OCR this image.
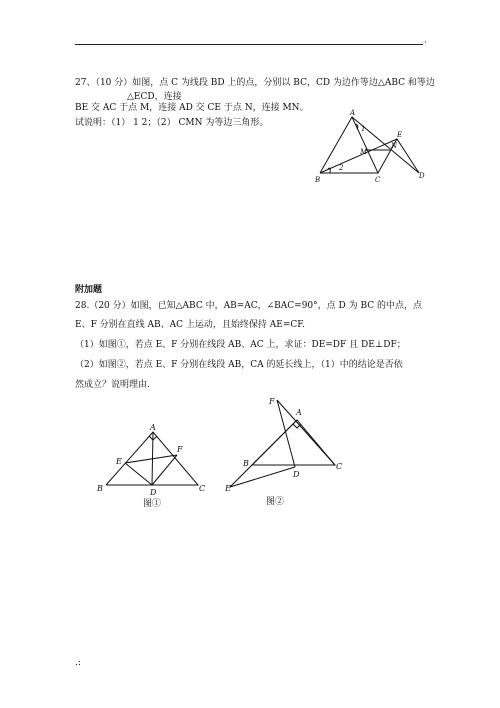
·
27、（10 分）如图，点 C 为线段 BD 上的点，分别以 BC，CD 为边作等边△ABC 和等边
△ECD，连接
BE 交 AC 于点 M，连接 AD 交 CE 于点 N，连接 MN。
试说明：（1） 1 2；（2） CMN 为等边三角形。
A
B	C	D
E
M
N
1
2
附加题
28.（20 分）如图，已知△ABC 中，AB=AC，∠BAC=90°，点 D 为 BC 的中点，点
E、F 分别在直线 AB、AC 上运动，且始终保持 AE=CF.
（1）如图①，若点 E、F 分别在线段 AB、AC 上，求证：DE=DF 且 DE⊥DF；
（2）如图②，若点 E、F 分别在线段 AB，CA 的延长线上，（1）中的结论是否依
然成立？说明理由.
A
B	C
D
E
F
图①
A
B	C
D
E
F
图②
.:
